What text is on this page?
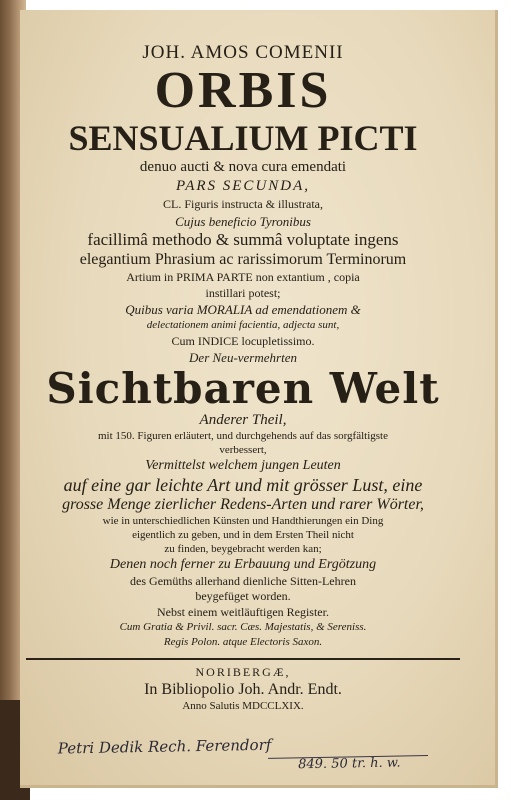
JOH. AMOS COMENII
ORBIS
SENSUALIUM PICTI
denuo aucti & nova cura emendati
PARS SECUNDA,
CL. Figuris instructa & illustrata,
Cujus beneficio Tyronibus
facillimâ methodo & summâ voluptate ingens
elegantium Phrasium ac rarissimorum Terminorum
Artium in PRIMA PARTE non extantium , copia
instillari potest;
Quibus varia MORALIA ad emendationem &
delectationem animi facientia, adjecta sunt,
Cum INDICE locupletissimo.
Der Neu-vermehrten
Sichtbaren Welt
Anderer Theil,
mit 150. Figuren erläutert, und durchgehends auf das sorgfältigste
verbessert,
Vermittelst welchem jungen Leuten
auf eine gar leichte Art und mit grösser Lust, eine
grosse Menge zierlicher Redens-Arten und rarer Wörter,
wie in unterschiedlichen Künsten und Handthierungen ein Ding
eigentlich zu geben, und in dem Ersten Theil nicht
zu finden, beygebracht werden kan;
Denen noch ferner zu Erbauung und Ergötzung
des Gemüths allerhand dienliche Sitten-Lehren
beygefüget worden.
Nebst einem weitläuftigen Register.
Cum Gratia & Privil. sacr. Cæs. Majestatis, & Sereniss.
Regis Polon. atque Electoris Saxon.
NORIBERGÆ,
In Bibliopolio Joh. Andr. Endt.
Anno Salutis MDCCLXIX.
Petri Dedik Rech. Ferendorf
849. 50 tr. h. w.
